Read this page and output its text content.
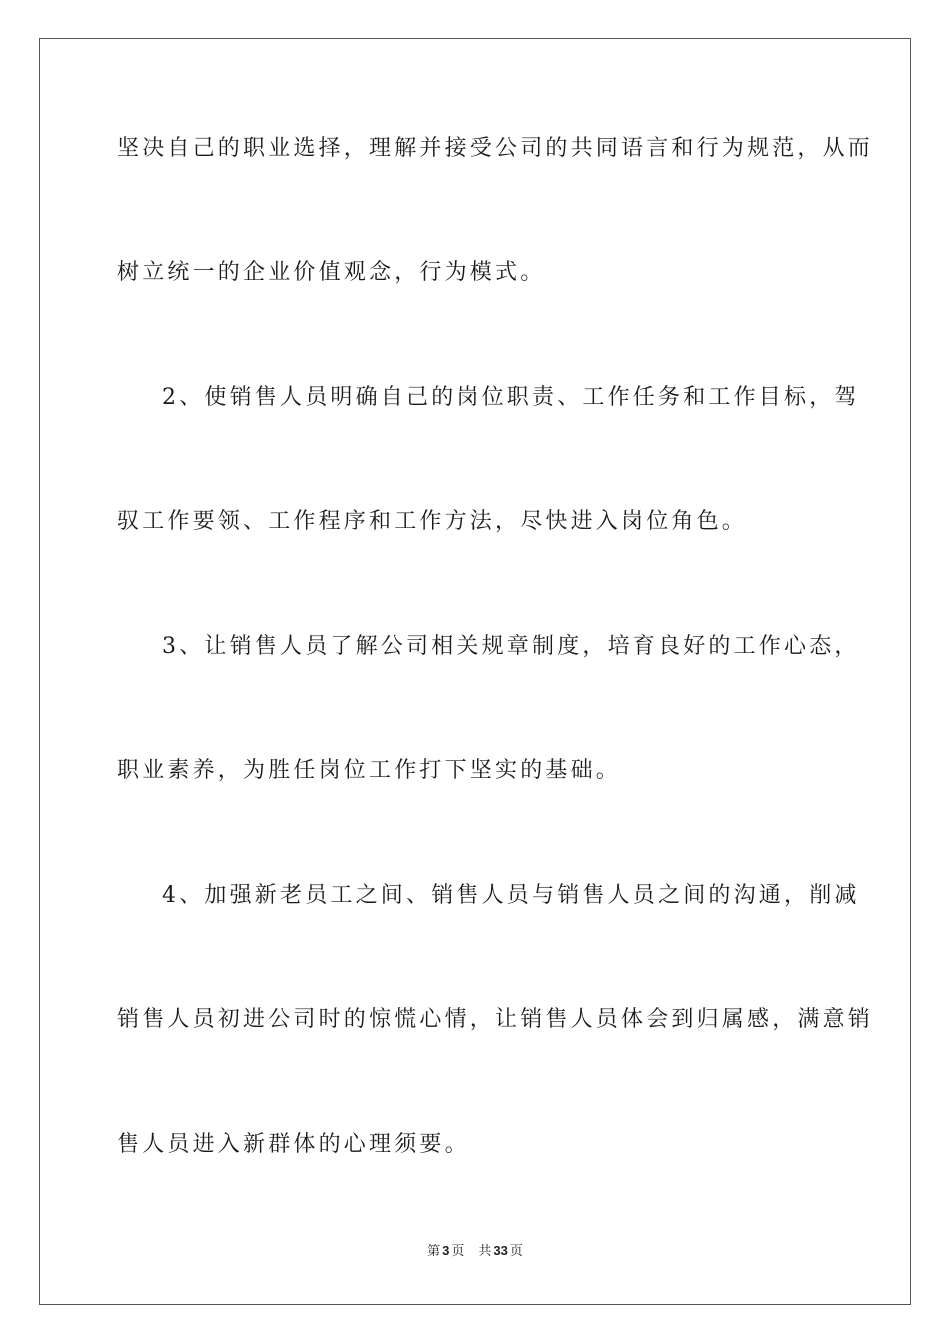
坚决自己的职业选择，理解并接受公司的共同语言和行为规范，从而
树立统一的企业价值观念，行为模式。
2、使销售人员明确自己的岗位职责、工作任务和工作目标，驾
驭工作要领、工作程序和工作方法，尽快进入岗位角色。
3、让销售人员了解公司相关规章制度，培育良好的工作心态，
职业素养，为胜任岗位工作打下坚实的基础。
4、加强新老员工之间、销售人员与销售人员之间的沟通，削减
销售人员初进公司时的惊慌心情，让销售人员体会到归属感，满意销
售人员进入新群体的心理须要。
第 3 页 共 33 页
